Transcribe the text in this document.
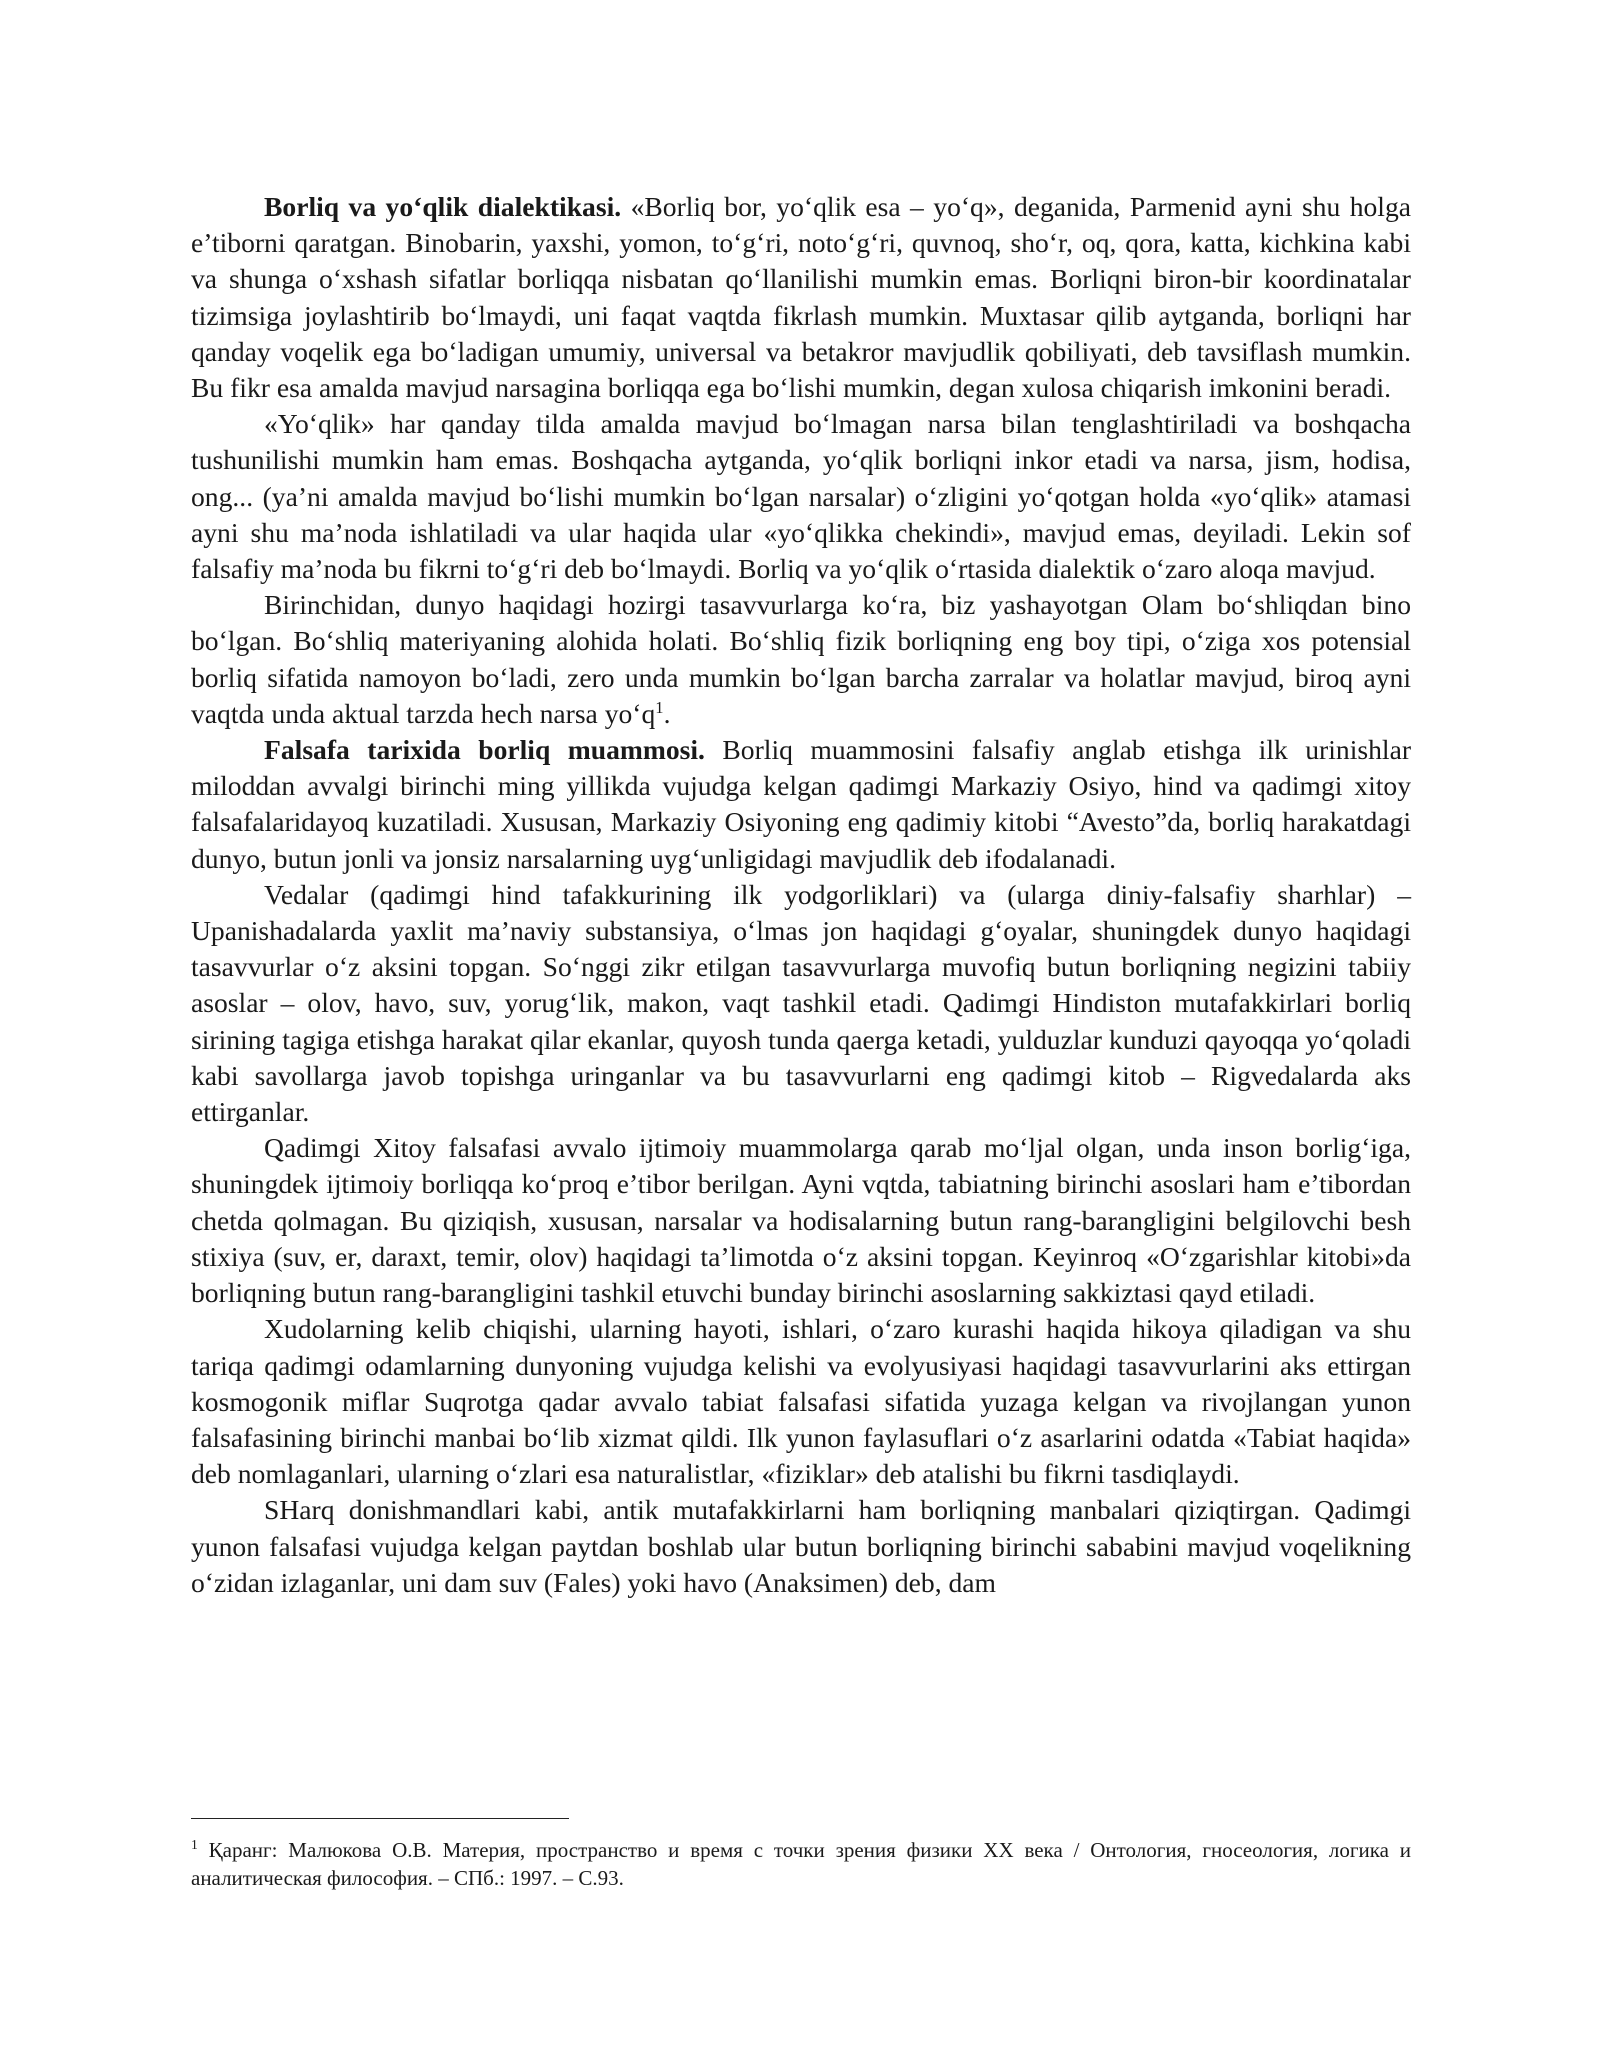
Borliq va yo‘qlik dialektikasi. «Borliq bor, yo‘qlik esa – yo‘q», deganida, Parmenid ayni shu holga e’tiborni qaratgan. Binobarin, yaxshi, yomon, to‘g‘ri, noto‘g‘ri, quvnoq, sho‘r, oq, qora, katta, kichkina kabi va shunga o‘xshash sifatlar borliqqa nisbatan qo‘llanilishi mumkin emas. Borliqni biron-bir koordinatalar tizimsiga joylashtirib bo‘lmaydi, uni faqat vaqtda fikrlash mumkin. Muxtasar qilib aytganda, borliqni har qanday voqelik ega bo‘ladigan umumiy, universal va betakror mavjudlik qobiliyati, deb tavsiflash mumkin. Bu fikr esa amalda mavjud narsagina borliqqa ega bo‘lishi mumkin, degan xulosa chiqarish imkonini beradi.

«Yo‘qlik» har qanday tilda amalda mavjud bo‘lmagan narsa bilan tenglashtiriladi va boshqacha tushunilishi mumkin ham emas. Boshqacha aytganda, yo‘qlik borliqni inkor etadi va narsa, jism, hodisa, ong... (ya’ni amalda mavjud bo‘lishi mumkin bo‘lgan narsalar) o‘zligini yo‘qotgan holda «yo‘qlik» atamasi ayni shu ma’noda ishlatiladi va ular haqida ular «yo‘qlikka chekindi», mavjud emas, deyiladi. Lekin sof falsafiy ma’noda bu fikrni to‘g‘ri deb bo‘lmaydi. Borliq va yo‘qlik o‘rtasida dialektik o‘zaro aloqa mavjud.

Birinchidan, dunyo haqidagi hozirgi tasavvurlarga ko‘ra, biz yashayotgan Olam bo‘shliqdan bino bo‘lgan. Bo‘shliq materiyaning alohida holati. Bo‘shliq fizik borliqning eng boy tipi, o‘ziga xos potensial borliq sifatida namoyon bo‘ladi, zero unda mumkin bo‘lgan barcha zarralar va holatlar mavjud, biroq ayni vaqtda unda aktual tarzda hech narsa $yo‘q^1$.

Falsafa tarixida borliq muammosi. Borliq muammosini falsafiy anglab etishga ilk urinishlar miloddan avvalgi birinchi ming yillikda vujudga kelgan qadimgi Markaziy Osiyo, hind va qadimgi xitoy falsafalaridayoq kuzatiladi. Xususan, Markaziy Osiyoning eng qadimiy kitobi “Avesto”da, borliq harakatdagi dunyo, butun jonli va jonsiz narsalarning uyg‘unligidagi mavjudlik deb ifodalanadi.

Vedalar (qadimgi hind tafakkurining ilk yodgorliklari) va (ularga diniy-falsafiy sharhlar) – Upanishadalarda yaxlit ma’naviy substansiya, o‘lmas jon haqidagi g‘oyalar, shuningdek dunyo haqidagi tasavvurlar o‘z aksini topgan. So‘nggi zikr etilgan tasavvurlarga muvofiq butun borliqning negizini tabiiy asoslar – olov, havo, suv, yorug‘lik, makon, vaqt tashkil etadi. Qadimgi Hindiston mutafakkirlari borliq sirining tagiga etishga harakat qilar ekanlar, quyosh tunda qaerga ketadi, yulduzlar kunduzi qayoqqa yo‘qoladi kabi savollarga javob topishga uringanlar va bu tasavvurlarni eng qadimgi kitob – Rigvedalarda aks ettirganlar.

Qadimgi Xitoy falsafasi avvalo ijtimoiy muammolarga qarab mo‘ljal olgan, unda inson borlig‘iga, shuningdek ijtimoiy borliqqa ko‘proq e’tibor berilgan. Ayni vqtda, tabiatning birinchi asoslari ham e’tibordan chetda qolmagan. Bu qiziqish, xususan, narsalar va hodisalarning butun rang-barangligini belgilovchi besh stixiya (suv, er, daraxt, temir, olov) haqidagi ta’limotda o‘z aksini topgan. Keyinroq «O‘zgarishlar kitobi»da borliqning butun rang-barangligini tashkil etuvchi bunday birinchi asoslarning sakkiztasi qayd etiladi.

Xudolarning kelib chiqishi, ularning hayoti, ishlari, o‘zaro kurashi haqida hikoya qiladigan va shu tariqa qadimgi odamlarning dunyoning vujudga kelishi va evolyusiyasi haqidagi tasavvurlarini aks ettirgan kosmogonik miflar Suqrotga qadar avvalo tabiat falsafasi sifatida yuzaga kelgan va rivojlangan yunon falsafasining birinchi manbai bo‘lib xizmat qildi. Ilk yunon faylasuflari o‘z asarlarini odatda «Tabiat haqida» deb nomlaganlari, ularning o‘zlari esa naturalistlar, «fiziklar» deb atalishi bu fikrni tasdiqlaydi.

SHarq donishmandlari kabi, antik mutafakkirlarni ham borliqning manbalari qiziqtirgan. Qadimgi yunon falsafasi vujudga kelgan paytdan boshlab ular butun borliqning birinchi sababini mavjud voqelikning o‘zidan izlaganlar, uni dam suv (Fales) yoki havo (Anaksimen) deb, dam

$^1$ Қаранг: Малюкова О.В. Материя, пространство и время с точки зрения физики XX века / Онтология, гносеология, логика и аналитическая философия. – СПб.: 1997. – С.93.
